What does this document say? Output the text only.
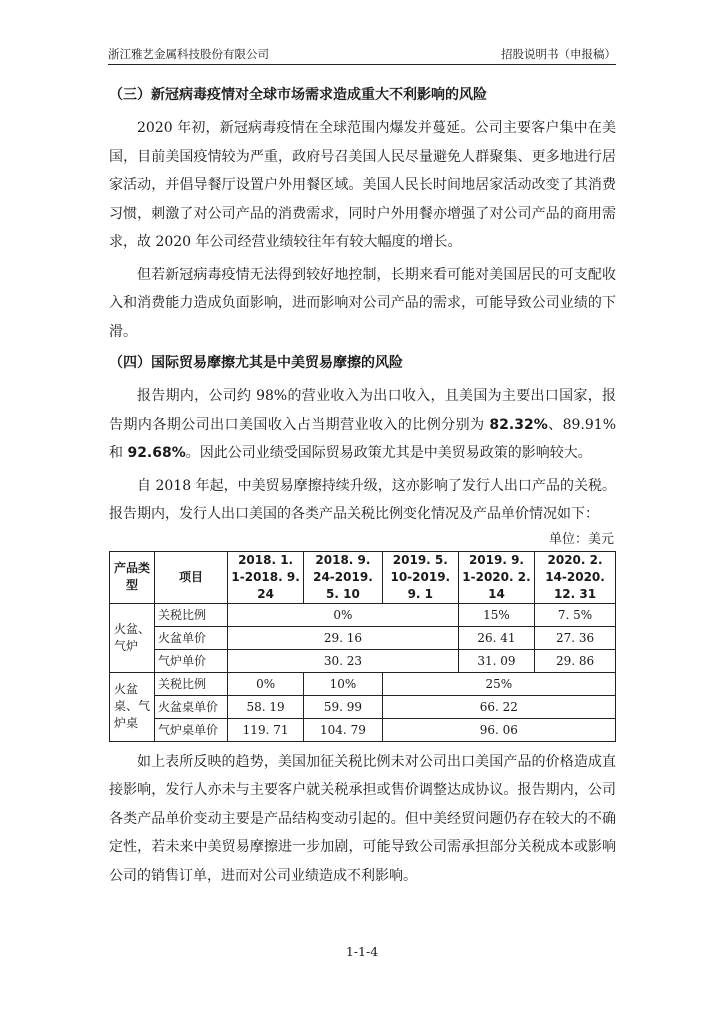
浙江雅艺金属科技股份有限公司	招股说明书（申报稿）
（三）新冠病毒疫情对全球市场需求造成重大不利影响的风险

2020 年初，新冠病毒疫情在全球范围内爆发并蔓延。公司主要客户集中在美国，目前美国疫情较为严重，政府号召美国人民尽量避免人群聚集、更多地进行居家活动，并倡导餐厅设置户外用餐区域。美国人民长时间地居家活动改变了其消费习惯，刺激了对公司产品的消费需求，同时户外用餐亦增强了对公司产品的商用需求，故 2020 年公司经营业绩较往年有较大幅度的增长。

但若新冠病毒疫情无法得到较好地控制，长期来看可能对美国居民的可支配收入和消费能力造成负面影响，进而影响对公司产品的需求，可能导致公司业绩的下滑。

（四）国际贸易摩擦尤其是中美贸易摩擦的风险

报告期内，公司约 98%的营业收入为出口收入，且美国为主要出口国家，报告期内各期公司出口美国收入占当期营业收入的比例分别为 82.32%、89.91%和 92.68%。因此公司业绩受国际贸易政策尤其是中美贸易政策的影响较大。

自 2018 年起，中美贸易摩擦持续升级，这亦影响了发行人出口产品的关税。报告期内，发行人出口美国的各类产品关税比例变化情况及产品单价情况如下：

单位：美元
产品类型	项目	2018. 1. 1-2018. 9. 24	2018. 9. 24-2019. 5. 10	2019. 5. 10-2019. 9. 1	2019. 9. 1-2020. 2. 14	2020. 2. 14-2020. 12. 31
火盆、气炉	关税比例	0%			15%	7. 5%
	火盆单价	29. 16			26. 41	27. 36
	气炉单价	30. 23			31. 09	29. 86
火盆桌、气炉桌	关税比例	0%	10%	25%		
	火盆桌单价	58. 19	59. 99	66. 22		
	气炉桌单价	119. 71	104. 79	96. 06		

如上表所反映的趋势，美国加征关税比例未对公司出口美国产品的价格造成直接影响，发行人亦未与主要客户就关税承担或售价调整达成协议。报告期内，公司各类产品单价变动主要是产品结构变动引起的。但中美经贸问题仍存在较大的不确定性，若未来中美贸易摩擦进一步加剧，可能导致公司需承担部分关税成本或影响公司的销售订单，进而对公司业绩造成不利影响。

1-1-4
